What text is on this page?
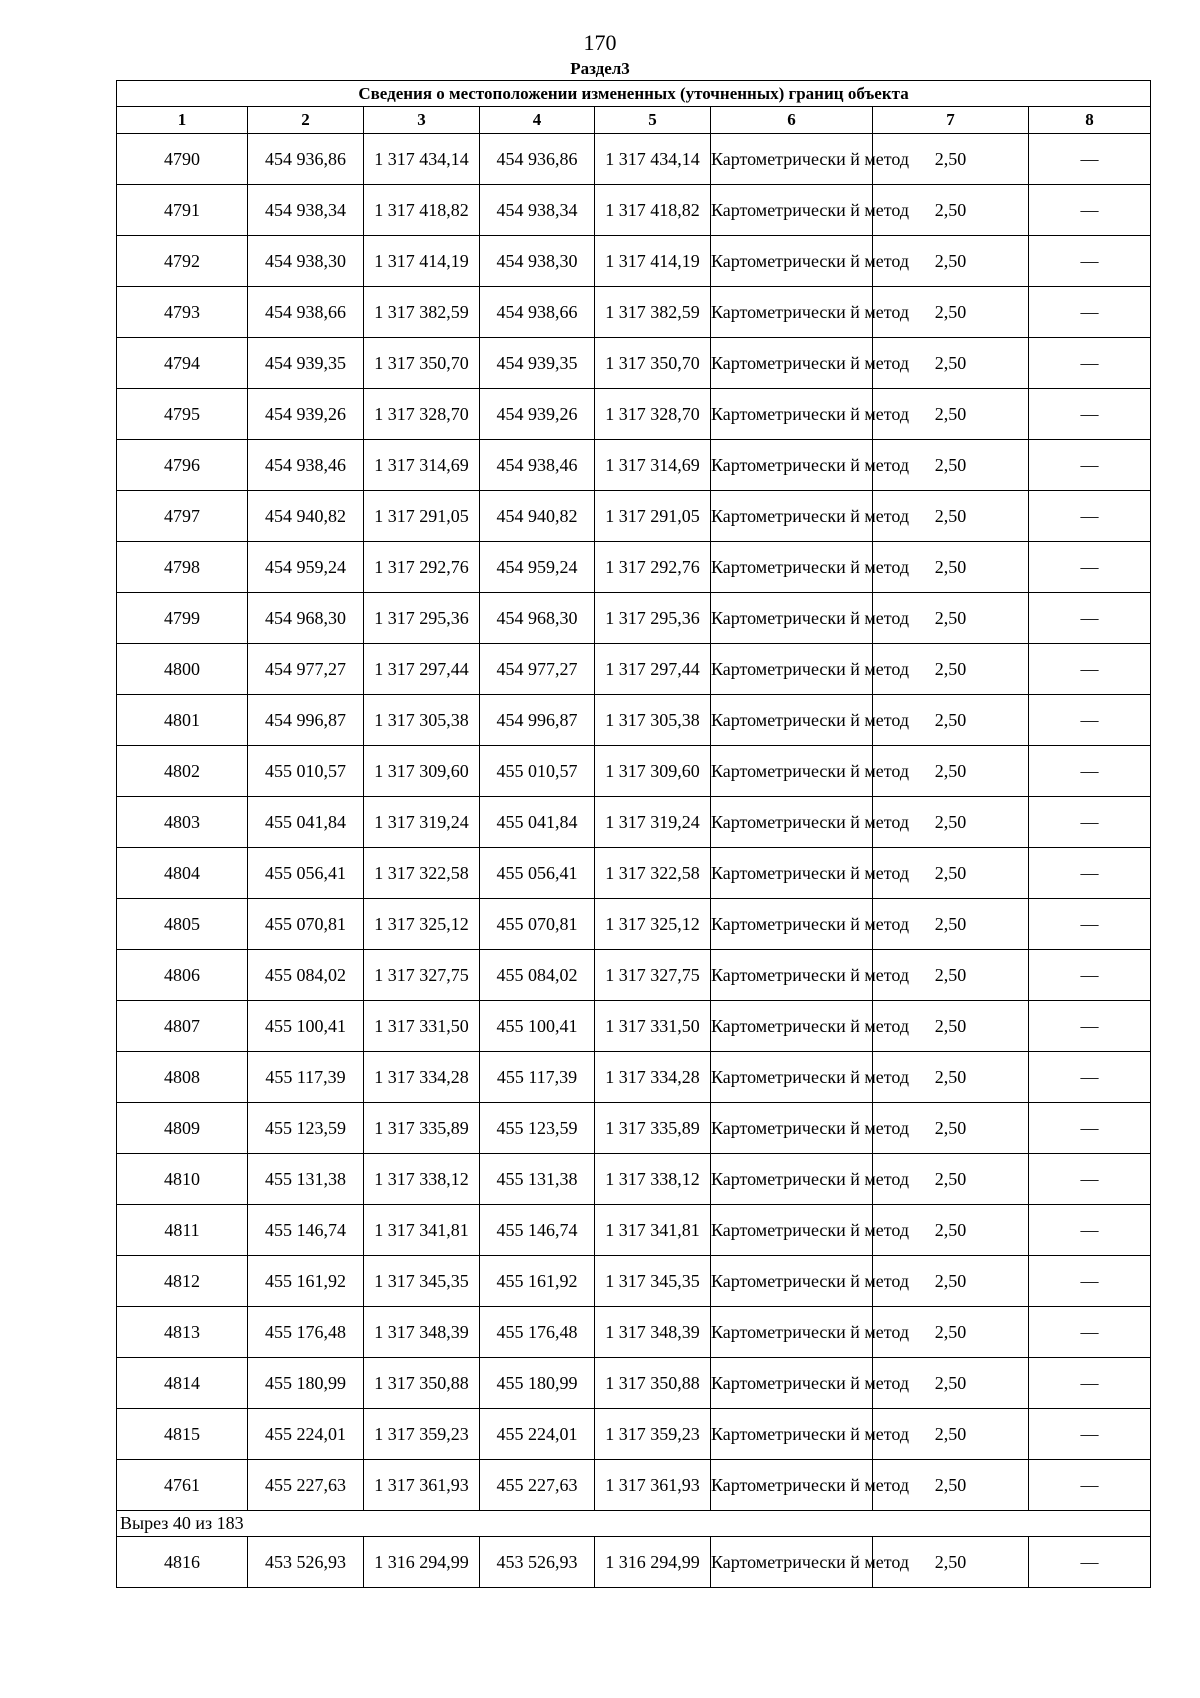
170
Раздел3
Сведения о местоположении измененных (уточненных) границ объекта							
1	2	3	4	5	6	7	8
4790	454 936,86	1 317 434,14	454 936,86	1 317 434,14	Картометрически й метод	2,50	—
4791	454 938,34	1 317 418,82	454 938,34	1 317 418,82	Картометрически й метод	2,50	—
4792	454 938,30	1 317 414,19	454 938,30	1 317 414,19	Картометрически й метод	2,50	—
4793	454 938,66	1 317 382,59	454 938,66	1 317 382,59	Картометрически й метод	2,50	—
4794	454 939,35	1 317 350,70	454 939,35	1 317 350,70	Картометрически й метод	2,50	—
4795	454 939,26	1 317 328,70	454 939,26	1 317 328,70	Картометрически й метод	2,50	—
4796	454 938,46	1 317 314,69	454 938,46	1 317 314,69	Картометрически й метод	2,50	—
4797	454 940,82	1 317 291,05	454 940,82	1 317 291,05	Картометрически й метод	2,50	—
4798	454 959,24	1 317 292,76	454 959,24	1 317 292,76	Картометрически й метод	2,50	—
4799	454 968,30	1 317 295,36	454 968,30	1 317 295,36	Картометрически й метод	2,50	—
4800	454 977,27	1 317 297,44	454 977,27	1 317 297,44	Картометрически й метод	2,50	—
4801	454 996,87	1 317 305,38	454 996,87	1 317 305,38	Картометрически й метод	2,50	—
4802	455 010,57	1 317 309,60	455 010,57	1 317 309,60	Картометрически й метод	2,50	—
4803	455 041,84	1 317 319,24	455 041,84	1 317 319,24	Картометрически й метод	2,50	—
4804	455 056,41	1 317 322,58	455 056,41	1 317 322,58	Картометрически й метод	2,50	—
4805	455 070,81	1 317 325,12	455 070,81	1 317 325,12	Картометрически й метод	2,50	—
4806	455 084,02	1 317 327,75	455 084,02	1 317 327,75	Картометрически й метод	2,50	—
4807	455 100,41	1 317 331,50	455 100,41	1 317 331,50	Картометрически й метод	2,50	—
4808	455 117,39	1 317 334,28	455 117,39	1 317 334,28	Картометрически й метод	2,50	—
4809	455 123,59	1 317 335,89	455 123,59	1 317 335,89	Картометрически й метод	2,50	—
4810	455 131,38	1 317 338,12	455 131,38	1 317 338,12	Картометрически й метод	2,50	—
4811	455 146,74	1 317 341,81	455 146,74	1 317 341,81	Картометрически й метод	2,50	—
4812	455 161,92	1 317 345,35	455 161,92	1 317 345,35	Картометрически й метод	2,50	—
4813	455 176,48	1 317 348,39	455 176,48	1 317 348,39	Картометрически й метод	2,50	—
4814	455 180,99	1 317 350,88	455 180,99	1 317 350,88	Картометрически й метод	2,50	—
4815	455 224,01	1 317 359,23	455 224,01	1 317 359,23	Картометрически й метод	2,50	—
4761	455 227,63	1 317 361,93	455 227,63	1 317 361,93	Картометрически й метод	2,50	—
Вырез 40 из 183							
4816	453 526,93	1 316 294,99	453 526,93	1 316 294,99	Картометрически й метод	2,50	—
